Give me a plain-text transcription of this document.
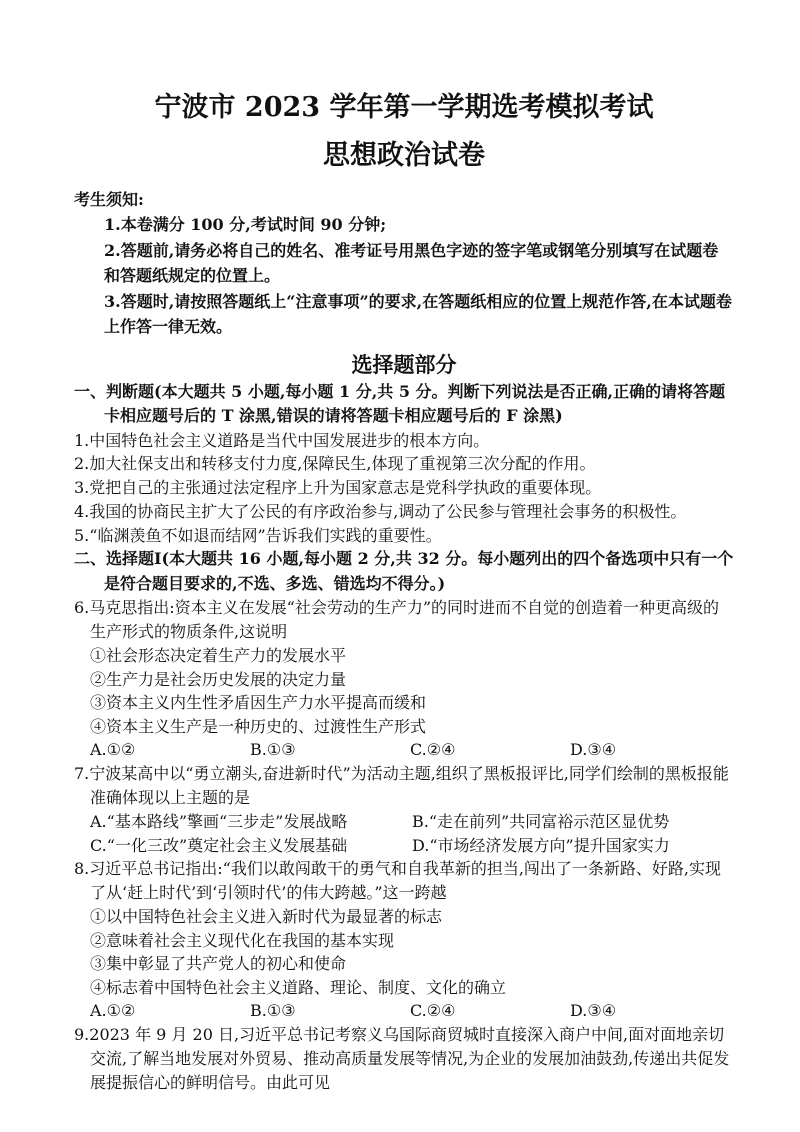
宁波市 2023 学年第一学期选考模拟考试
思想政治试卷
考生须知:
1.本卷满分 100 分,考试时间 90 分钟;
2.答题前,请务必将自己的姓名、准考证号用黑色字迹的签字笔或钢笔分别填写在试题卷和答题纸规定的位置上。
3.答题时,请按照答题纸上“注意事项”的要求,在答题纸相应的位置上规范作答,在本试题卷上作答一律无效。
选择题部分
一、判断题(本大题共 5 小题,每小题 1 分,共 5 分。判断下列说法是否正确,正确的请将答题卡相应题号后的 T 涂黑,错误的请将答题卡相应题号后的 F 涂黑)
1.中国特色社会主义道路是当代中国发展进步的根本方向。
2.加大社保支出和转移支付力度,保障民生,体现了重视第三次分配的作用。
3.党把自己的主张通过法定程序上升为国家意志是党科学执政的重要体现。
4.我国的协商民主扩大了公民的有序政治参与,调动了公民参与管理社会事务的积极性。
5.“临渊羡鱼不如退而结网”告诉我们实践的重要性。
二、选择题Ⅰ(本大题共 16 小题,每小题 2 分,共 32 分。每小题列出的四个备选项中只有一个是符合题目要求的,不选、多选、错选均不得分。)
6.马克思指出:资本主义在发展“社会劳动的生产力”的同时进而不自觉的创造着一种更高级的生产形式的物质条件,这说明
①社会形态决定着生产力的发展水平
②生产力是社会历史发展的决定力量
③资本主义内生性矛盾因生产力水平提高而缓和
④资本主义生产是一种历史的、过渡性生产形式
A.①②	B.①③	C.②④	D.③④
7.宁波某高中以“勇立潮头,奋进新时代”为活动主题,组织了黑板报评比,同学们绘制的黑板报能准确体现以上主题的是
A.“基本路线”擎画“三步走”发展战略	B.“走在前列”共同富裕示范区显优势
C.“一化三改”奠定社会主义发展基础	D.“市场经济发展方向”提升国家实力
8.习近平总书记指出:“我们以敢闯敢干的勇气和自我革新的担当,闯出了一条新路、好路,实现了从‘赶上时代’到‘引领时代’的伟大跨越。”这一跨越
①以中国特色社会主义进入新时代为最显著的标志
②意味着社会主义现代化在我国的基本实现
③集中彰显了共产党人的初心和使命
④标志着中国特色社会主义道路、理论、制度、文化的确立
A.①②	B.①③	C.②④	D.③④
9.2023 年 9 月 20 日,习近平总书记考察义乌国际商贸城时直接深入商户中间,面对面地亲切交流,了解当地发展对外贸易、推动高质量发展等情况,为企业的发展加油鼓劲,传递出共促发展提振信心的鲜明信号。由此可见
